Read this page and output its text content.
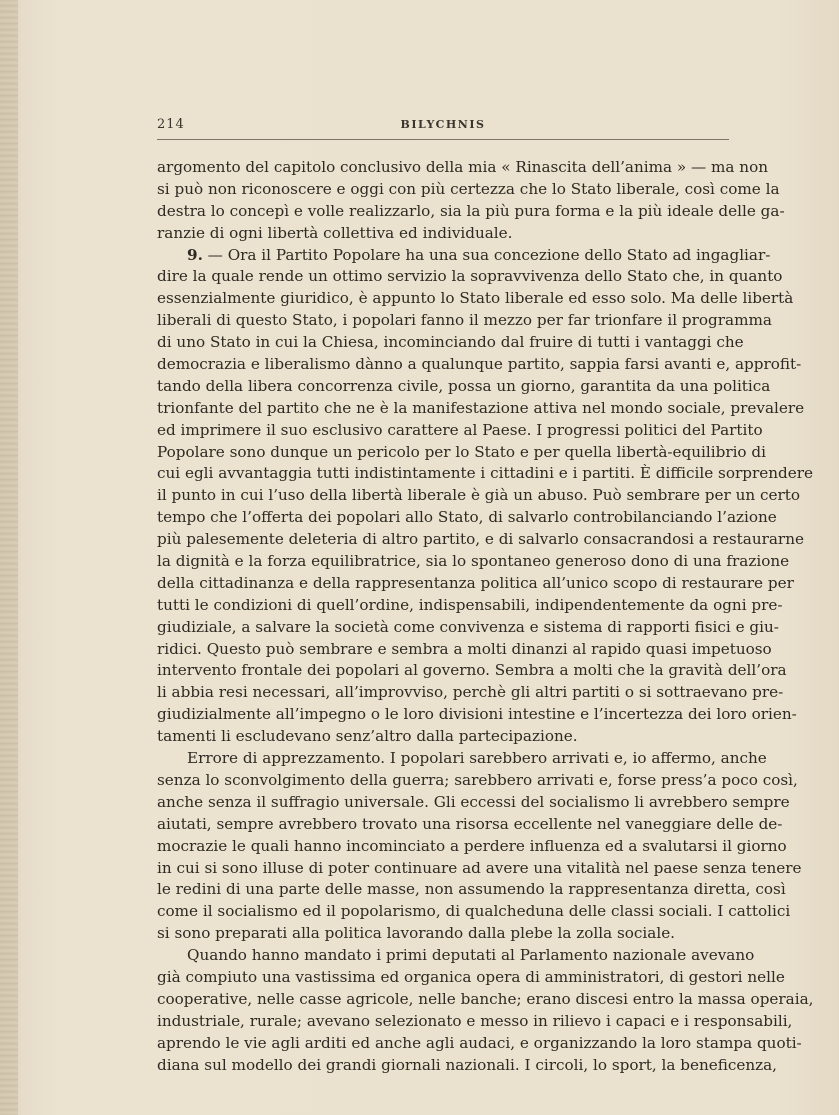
214	BILYCHNIS
argomento del capitolo conclusivo della mia « Rinascita dell’anima » — ma non
si può non riconoscere e oggi con più certezza che lo Stato liberale, così come la
destra lo concepì e volle realizzarlo, sia la più pura forma e la più ideale delle ga-
ranzie di ogni libertà collettiva ed individuale.
9. — Ora il Partito Popolare ha una sua concezione dello Stato ad ingagliar-
dire la quale rende un ottimo servizio la sopravvivenza dello Stato che, in quanto
essenzialmente giuridico, è appunto lo Stato liberale ed esso solo. Ma delle libertà
liberali di questo Stato, i popolari fanno il mezzo per far trionfare il programma
di uno Stato in cui la Chiesa, incominciando dal fruire di tutti i vantaggi che
democrazia e liberalismo dànno a qualunque partito, sappia farsi avanti e, approfit-
tando della libera concorrenza civile, possa un giorno, garantita da una politica
trionfante del partito che ne è la manifestazione attiva nel mondo sociale, prevalere
ed imprimere il suo esclusivo carattere al Paese. I progressi politici del Partito
Popolare sono dunque un pericolo per lo Stato e per quella libertà-equilibrio di
cui egli avvantaggia tutti indistintamente i cittadini e i partiti. È difficile sorprendere
il punto in cui l’uso della libertà liberale è già un abuso. Può sembrare per un certo
tempo che l’offerta dei popolari allo Stato, di salvarlo controbilanciando l’azione
più palesemente deleteria di altro partito, e di salvarlo consacrandosi a restaurarne
la dignità e la forza equilibratrice, sia lo spontaneo generoso dono di una frazione
della cittadinanza e della rappresentanza politica all’unico scopo di restaurare per
tutti le condizioni di quell’ordine, indispensabili, indipendentemente da ogni pre-
giudiziale, a salvare la società come convivenza e sistema di rapporti fisici e giu-
ridici. Questo può sembrare e sembra a molti dinanzi al rapido quasi impetuoso
intervento frontale dei popolari al governo. Sembra a molti che la gravità dell’ora
li abbia resi necessari, all’improvviso, perchè gli altri partiti o si sottraevano pre-
giudizialmente all’impegno o le loro divisioni intestine e l’incertezza dei loro orien-
tamenti li escludevano senz’altro dalla partecipazione.
Errore di apprezzamento. I popolari sarebbero arrivati e, io affermo, anche
senza lo sconvolgimento della guerra; sarebbero arrivati e, forse press’a poco così,
anche senza il suffragio universale. Gli eccessi del socialismo li avrebbero sempre
aiutati, sempre avrebbero trovato una risorsa eccellente nel vaneggiare delle de-
mocrazie le quali hanno incominciato a perdere influenza ed a svalutarsi il giorno
in cui si sono illuse di poter continuare ad avere una vitalità nel paese senza tenere
le redini di una parte delle masse, non assumendo la rappresentanza diretta, così
come il socialismo ed il popolarismo, di qualcheduna delle classi sociali. I cattolici
si sono preparati alla politica lavorando dalla plebe la zolla sociale.
Quando hanno mandato i primi deputati al Parlamento nazionale avevano
già compiuto una vastissima ed organica opera di amministratori, di gestori nelle
cooperative, nelle casse agricole, nelle banche; erano discesi entro la massa operaia,
industriale, rurale; avevano selezionato e messo in rilievo i capaci e i responsabili,
aprendo le vie agli arditi ed anche agli audaci, e organizzando la loro stampa quoti-
diana sul modello dei grandi giornali nazionali. I circoli, lo sport, la beneficenza,
